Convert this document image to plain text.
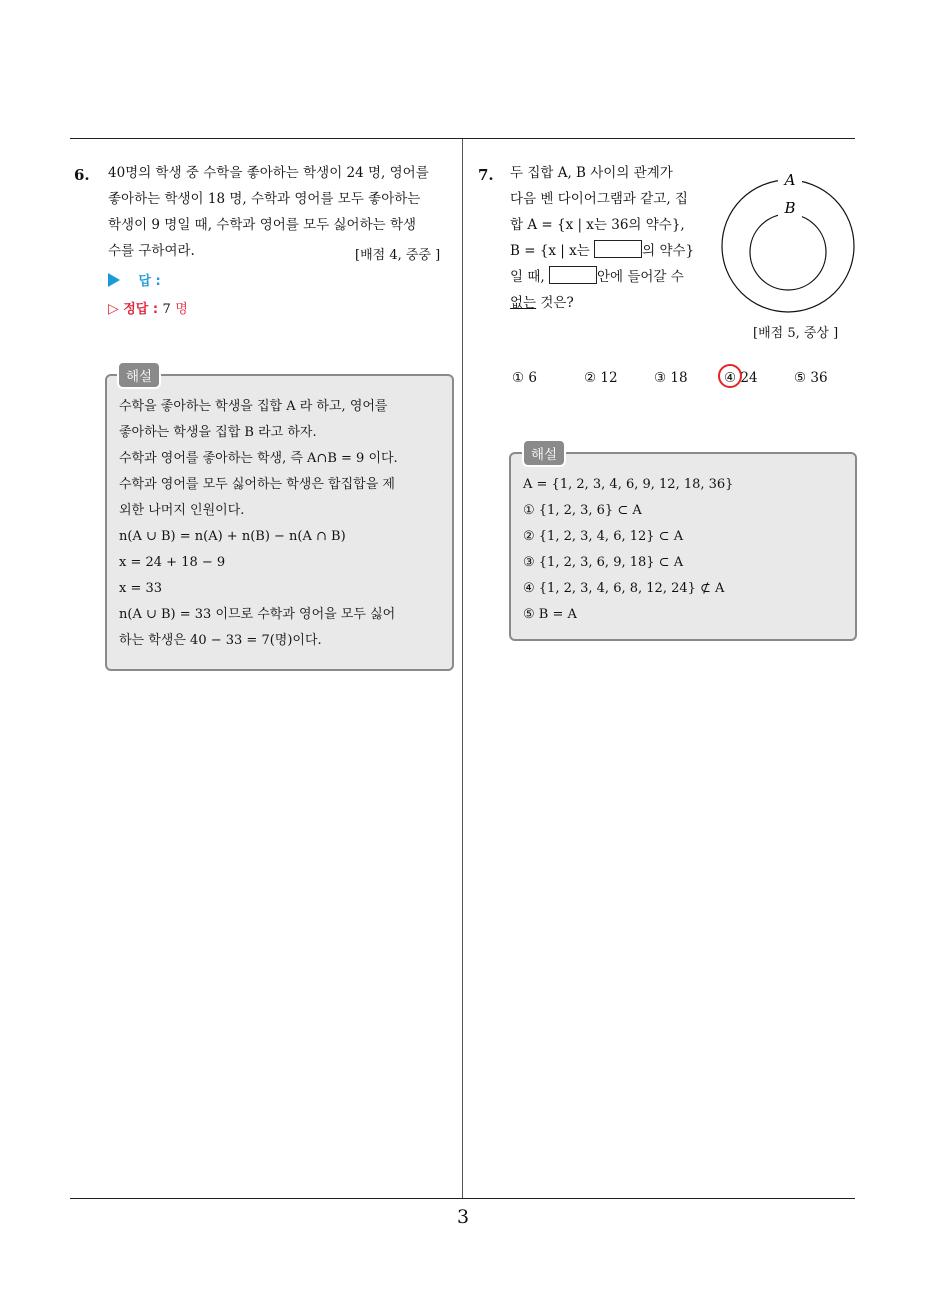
6. 40명의 학생 중 수학을 좋아하는 학생이 24 명, 영어를
좋아하는 학생이 18 명, 수학과 영어를 모두 좋아하는
학생이 9 명일 때, 수학과 영어를 모두 싫어하는 학생
수를 구하여라.	[배점 4, 중중 ]
답 :
▷ 정답 : 7 명
수학을 좋아하는 학생을 집합 A 라 하고, 영어를
좋아하는 학생을 집합 B 라고 하자.
수학과 영어를 좋아하는 학생, 즉 A∩B = 9 이다.
수학과 영어를 모두 싫어하는 학생은 합집합을 제
외한 나머지 인원이다.
n(A ∪ B) = n(A) + n(B) − n(A ∩ B)
x = 24 + 18 − 9
x = 33
n(A ∪ B) = 33 이므로 수학과 영어을 모두 싫어
하는 학생은 40 − 33 = 7(명)이다.
해설
7. 두 집합 A, B 사이의 관계가
다음 벤 다이어그램과 같고, 집
합 A = {x | x는 36의 약수},
B = {x | x는	의 약수}
일 때,	안에 들어갈 수
없는 것은?
A
B
[배점 5, 중상 ]
① 6	② 12	③ 18	④ 24	⑤ 36
A = {1, 2, 3, 4, 6, 9, 12, 18, 36}
① {1, 2, 3, 6} ⊂ A
② {1, 2, 3, 4, 6, 12} ⊂ A
③ {1, 2, 3, 6, 9, 18} ⊂ A
④ {1, 2, 3, 4, 6, 8, 12, 24} ⊄ A
⑤ B = A
해설
3
